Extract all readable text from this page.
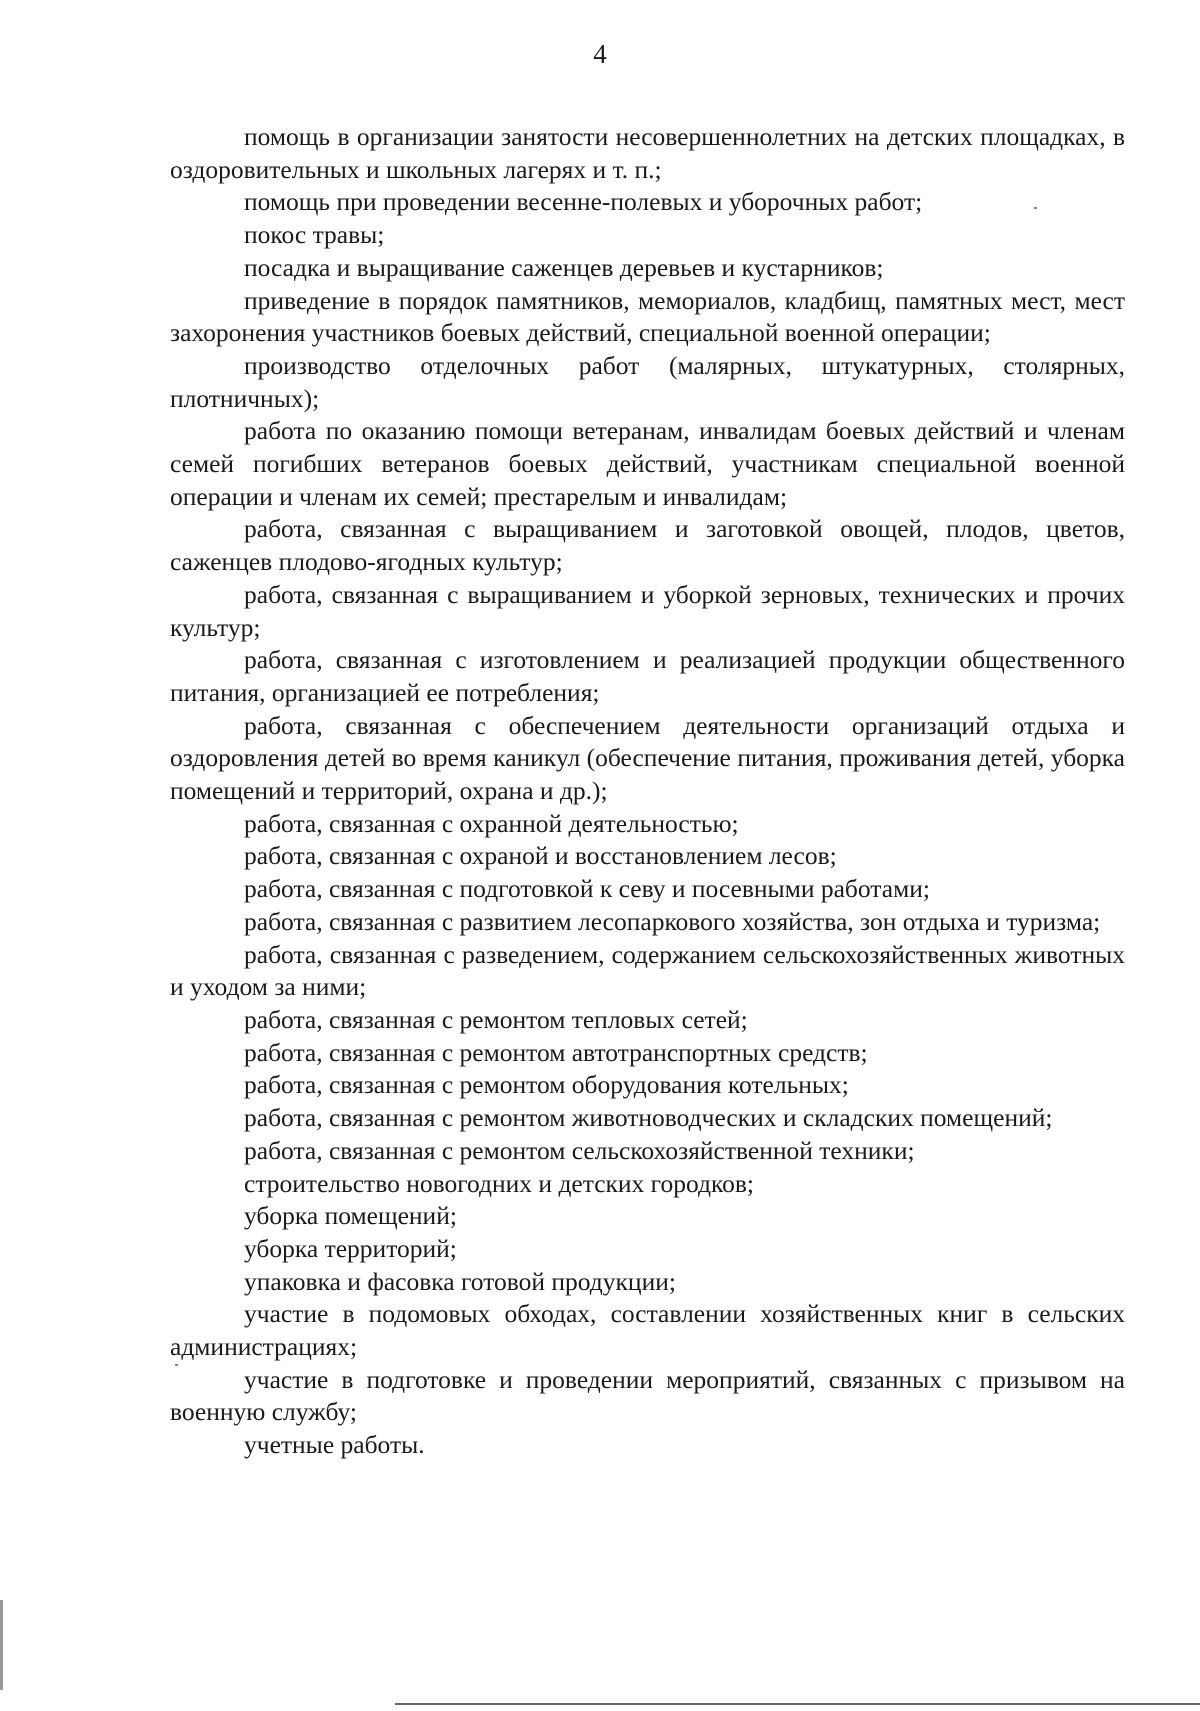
4

помощь в организации занятости несовершеннолетних на детских площадках, в оздоровительных и школьных лагерях и т. п.;

помощь при проведении весенне-полевых и уборочных работ;

покос травы;

посадка и выращивание саженцев деревьев и кустарников;

приведение в порядок памятников, мемориалов, кладбищ, памятных мест, мест захоронения участников боевых действий, специальной военной операции;

производство отделочных работ (малярных, штукатурных, столярных, плотничных);

работа по оказанию помощи ветеранам, инвалидам боевых действий и членам семей погибших ветеранов боевых действий, участникам специальной военной операции и членам их семей; престарелым и инвалидам;

работа, связанная с выращиванием и заготовкой овощей, плодов, цветов, саженцев плодово-ягодных культур;

работа, связанная с выращиванием и уборкой зерновых, технических и прочих культур;

работа, связанная с изготовлением и реализацией продукции общественного питания, организацией ее потребления;

работа, связанная с обеспечением деятельности организаций отдыха и оздоровления детей во время каникул (обеспечение питания, проживания детей, уборка помещений и территорий, охрана и др.);

работа, связанная с охранной деятельностью;

работа, связанная с охраной и восстановлением лесов;

работа, связанная с подготовкой к севу и посевными работами;

работа, связанная с развитием лесопаркового хозяйства, зон отдыха и туризма;

работа, связанная с разведением, содержанием сельскохозяйственных животных и уходом за ними;

работа, связанная с ремонтом тепловых сетей;

работа, связанная с ремонтом автотранспортных средств;

работа, связанная с ремонтом оборудования котельных;

работа, связанная с ремонтом животноводческих и складских помещений;

работа, связанная с ремонтом сельскохозяйственной техники;

строительство новогодних и детских городков;

уборка помещений;

уборка территорий;

упаковка и фасовка готовой продукции;

участие в подомовых обходах, составлении хозяйственных книг в сельских администрациях;

участие в подготовке и проведении мероприятий, связанных с призывом на военную службу;

учетные работы.
